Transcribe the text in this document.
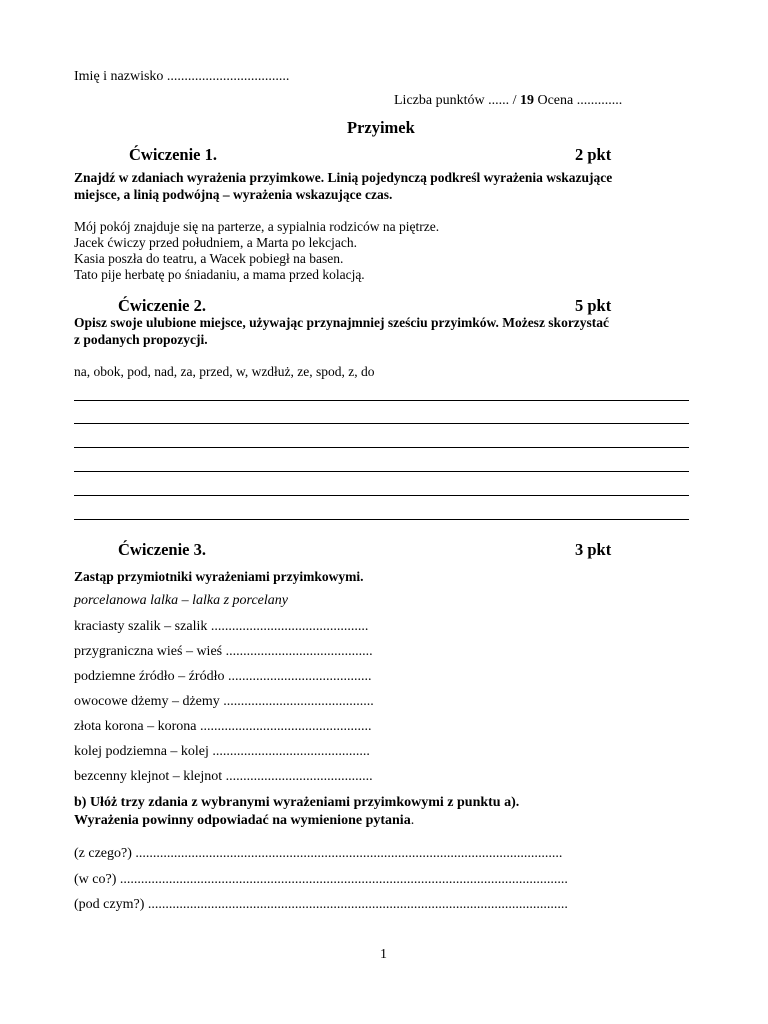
Imię i nazwisko ...................................
Liczba punktów ...... / 19 Ocena .............
Przyimek
Ćwiczenie 1.	2 pkt
Znajdź w zdaniach wyrażenia przyimkowe. Linią pojedynczą podkreśl wyrażenia wskazujące
miejsce, a linią podwójną – wyrażenia wskazujące czas.
Mój pokój znajduje się na parterze, a sypialnia rodziców na piętrze.
Jacek ćwiczy przed południem, a Marta po lekcjach.
Kasia poszła do teatru, a Wacek pobiegł na basen.
Tato pije herbatę po śniadaniu, a mama przed kolacją.
Ćwiczenie 2.	5 pkt
Opisz swoje ulubione miejsce, używając przynajmniej sześciu przyimków. Możesz skorzystać
z podanych propozycji.
na, obok, pod, nad, za, przed, w, wzdłuż, ze, spod, z, do
Ćwiczenie 3.	3 pkt
Zastąp przymiotniki wyrażeniami przyimkowymi.
porcelanowa lalka – lalka z porcelany
kraciasty szalik – szalik .............................................
przygraniczna wieś – wieś ..........................................
podziemne źródło – źródło .........................................
owocowe dżemy – dżemy ...........................................
złota korona – korona .................................................
kolej podziemna – kolej .............................................
bezcenny klejnot – klejnot ..........................................
b) Ułóż trzy zdania z wybranymi wyrażeniami przyimkowymi z punktu a).
Wyrażenia powinny odpowiadać na wymienione pytania.
(z czego?) ..........................................................................................................................
(w co?) ................................................................................................................................
(pod czym?) ........................................................................................................................
1
